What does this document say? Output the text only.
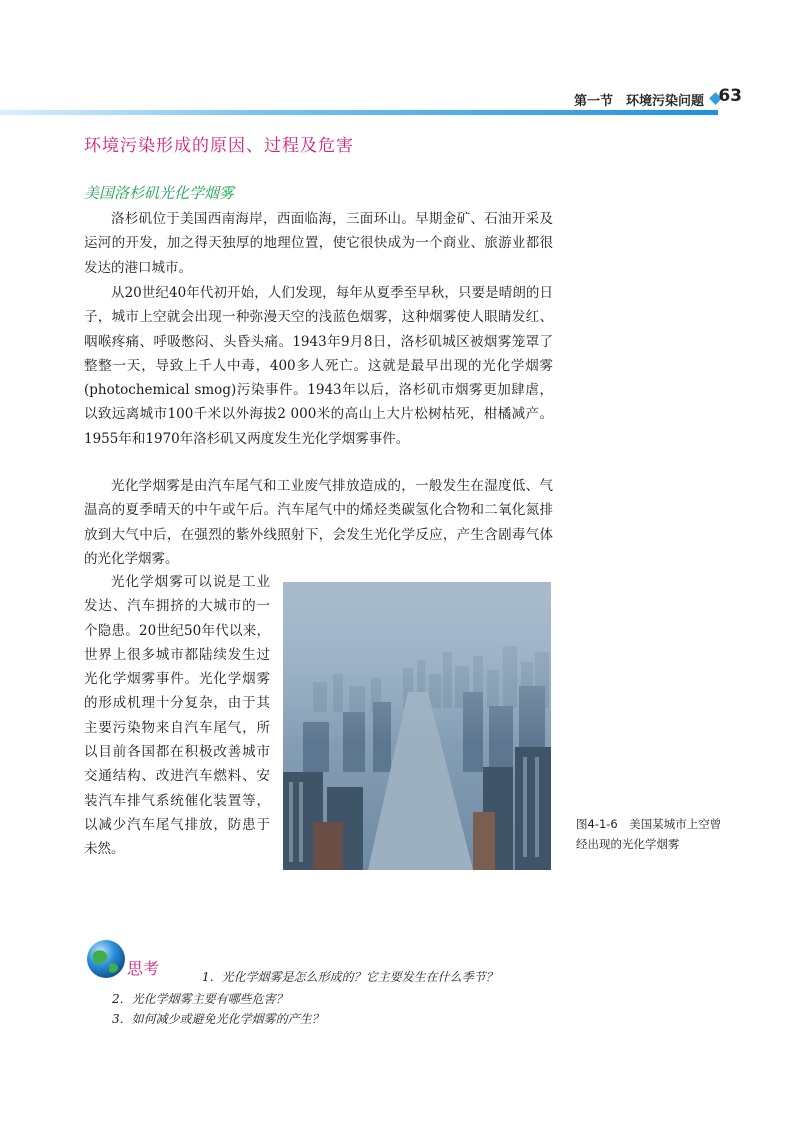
第一节　环境污染问题 63
环境污染形成的原因、过程及危害
美国洛杉矶光化学烟雾

洛杉矶位于美国西南海岸，西面临海，三面环山。早期金矿、石油开采及运河的开发，加之得天独厚的地理位置，使它很快成为一个商业、旅游业都很发达的港口城市。

从20世纪40年代初开始，人们发现，每年从夏季至早秋，只要是晴朗的日子，城市上空就会出现一种弥漫天空的浅蓝色烟雾，这种烟雾使人眼睛发红、咽喉疼痛、呼吸憋闷、头昏头痛。1943年9月8日，洛杉矶城区被烟雾笼罩了整整一天，导致上千人中毒，400多人死亡。这就是最早出现的光化学烟雾(photochemical smog)污染事件。1943年以后，洛杉矶市烟雾更加肆虐，以致远离城市100千米以外海拔2 000米的高山上大片松树枯死，柑橘减产。1955年和1970年洛杉矶又两度发生光化学烟雾事件。

光化学烟雾是由汽车尾气和工业废气排放造成的，一般发生在湿度低、气温高的夏季晴天的中午或午后。汽车尾气中的烯烃类碳氢化合物和二氧化氮排放到大气中后，在强烈的紫外线照射下，会发生光化学反应，产生含剧毒气体的光化学烟雾。

光化学烟雾可以说是工业发达、汽车拥挤的大城市的一个隐患。20世纪50年代以来，世界上很多城市都陆续发生过光化学烟雾事件。光化学烟雾的形成机理十分复杂，由于其主要污染物来自汽车尾气，所以目前各国都在积极改善城市交通结构、改进汽车燃料、安装汽车排气系统催化装置等，以减少汽车尾气排放，防患于未然。

图4-1-6　美国某城市上空曾经出现的光化学烟雾
思考	1．光化学烟雾是怎么形成的？它主要发生在什么季节？

2．光化学烟雾主要有哪些危害？

3．如何减少或避免光化学烟雾的产生？
